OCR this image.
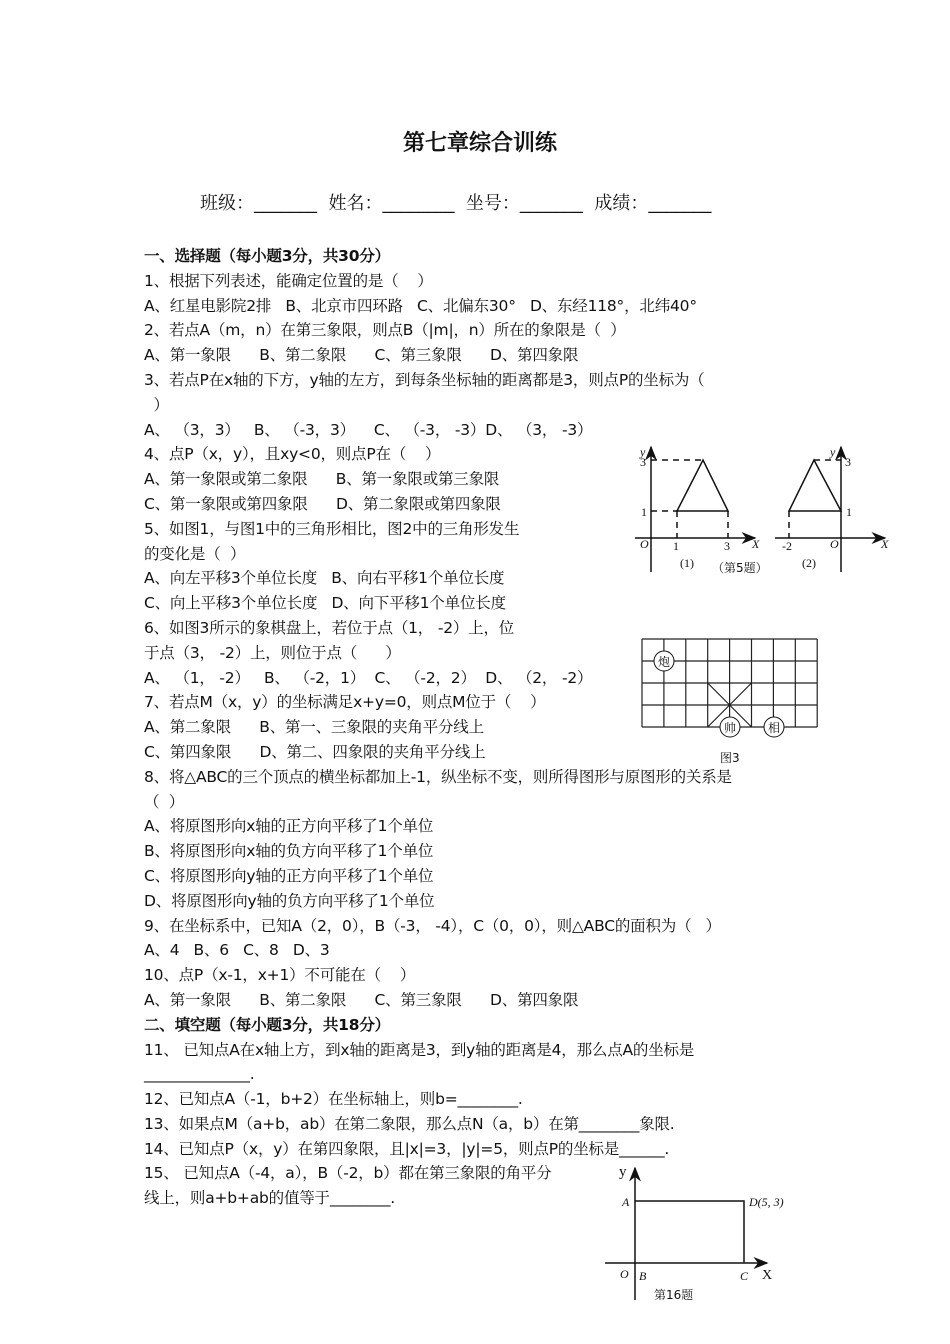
第七章综合训练
班级：_______  姓名：________  坐号：_______  成绩：_______
一、选择题（每小题3分，共30分）
1、根据下列表述，能确定位置的是（    ）
A、红星电影院2排   B、北京市四环路   C、北偏东30°   D、东经118°，北纬40°
2、若点A（m，n）在第三象限，则点B（|m|，n）所在的象限是（  ）
A、第一象限      B、第二象限      C、第三象限      D、第四象限
3、若点P在x轴的下方，y轴的左方，到每条坐标轴的距离都是3，则点P的坐标为（
）
A、 （3，3）   B、 （-3，3）    C、 （-3， -3）D、 （3， -3）
4、点P（x，y），且xy<0，则点P在（    ）
A、第一象限或第二象限      B、第一象限或第三象限
C、第一象限或第四象限      D、第二象限或第四象限
5、如图1，与图1中的三角形相比，图2中的三角形发生
的变化是（  ）
A、向左平移3个单位长度   B、向右平移1个单位长度
C、向上平移3个单位长度   D、向下平移1个单位长度
6、如图3所示的象棋盘上，若位于点（1， -2）上，位
于点（3， -2）上，则位于点（      ）
A、 （1， -2）   B、 （-2，1）  C、 （-2，2）  D、 （2， -2）
7、若点M（x，y）的坐标满足x+y=0，则点M位于（    ）
A、第二象限      B、第一、三象限的夹角平分线上
C、第四象限      D、第二、四象限的夹角平分线上
8、将△ABC的三个顶点的横坐标都加上-1，纵坐标不变，则所得图形与原图形的关系是
（  ）
A、将原图形向x轴的正方向平移了1个单位
B、将原图形向x轴的负方向平移了1个单位
C、将原图形向y轴的正方向平移了1个单位
D、将原图形向y轴的负方向平移了1个单位
9、在坐标系中，已知A（2，0），B（-3， -4），C（0，0），则△ABC的面积为（   ）
A、4   B、6   C、8   D、3
10、点P（x-1，x+1）不可能在（    ）
A、第一象限      B、第二象限      C、第三象限      D、第四象限
二、填空题（每小题3分，共18分）
11、 已知点A在x轴上方，到x轴的距离是3，到y轴的距离是4，那么点A的坐标是
______________.
12、已知点A（-1，b+2）在坐标轴上，则b=________.
13、如果点M（a+b，ab）在第二象限，那么点N（a，b）在第________象限.
14、已知点P（x，y）在第四象限，且|x|=3，|y|=5，则点P的坐标是______.
15、 已知点A（-4，a），B（-2，b）都在第三象限的角平分
线上，则a+b+ab的值等于________.
y
3
1
O 1	3 X
(1) （第5题）
y
3
1
-2	O	X
(2)
炮
帅	相
图3
y
A	D(5, 3)
O B	C X
第16题
